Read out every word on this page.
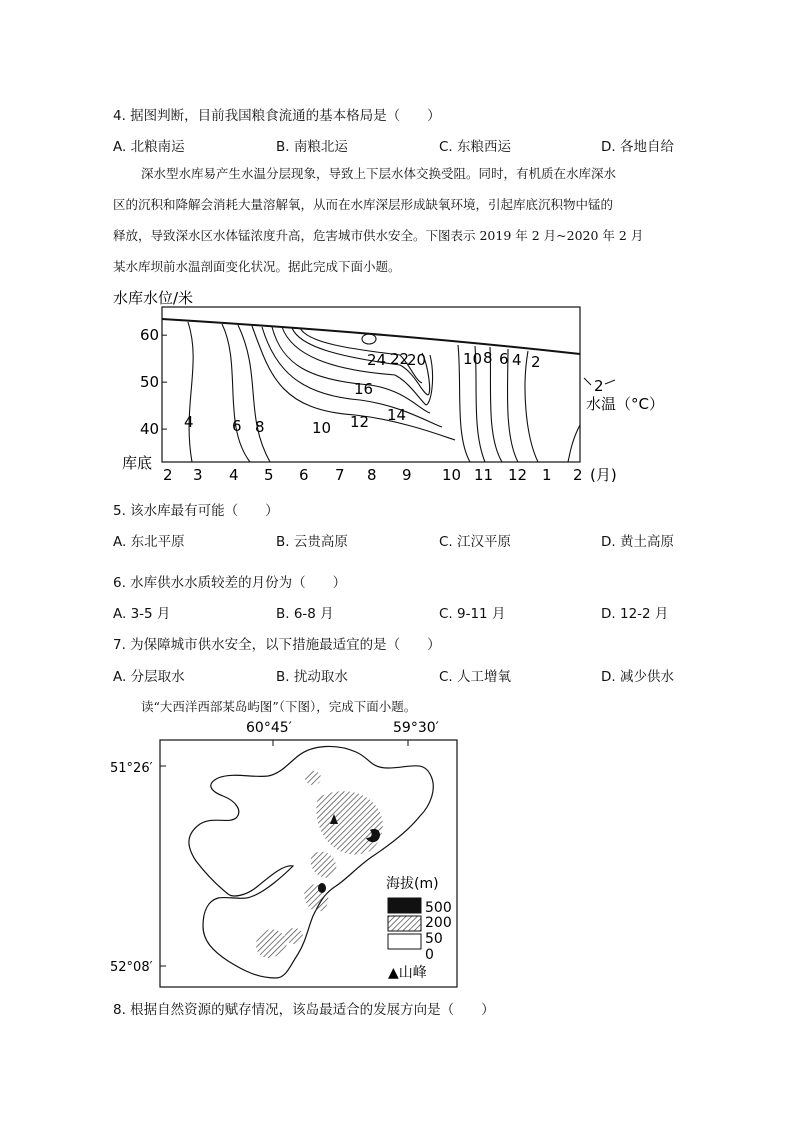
4. 据图判断，目前我国粮食流通的基本格局是（　　）
A. 北粮南运	B. 南粮北运	C. 东粮西运	D. 各地自给
深水型水库易产生水温分层现象，导致上下层水体交换受阻。同时，有机质在水库深水
区的沉积和降解会消耗大量溶解氧，从而在水库深层形成缺氧环境，引起库底沉积物中锰的
释放，导致深水区水体锰浓度升高，危害城市供水安全。下图表示 2019 年 2 月~2020 年 2 月
某水库坝前水温剖面变化状况。据此完成下面小题。
水库水位/米
60
50
40
2 3 4 5 6 7 8 9 10 11 12 1 2
24 22
20
16
14
12
10
10 8 6 4 2
4	6 8
2
水温（°C）
库底
(月)
5. 该水库最有可能（　　）
A. 东北平原	B. 云贵高原	C. 江汉平原	D. 黄土高原
6. 水库供水水质较差的月份为（　　）
A. 3-5 月	B. 6-8 月	C. 9-11 月	D. 12-2 月
7. 为保障城市供水安全，以下措施最适宜的是（　　）
A. 分层取水	B. 扰动取水	C. 人工增氧	D. 减少供水
读“大西洋西部某岛屿图”（下图），完成下面小题。
60°45′	59°30′
51°26′
52°08′
海拔(m)
500
200
50
0
▲山峰
8. 根据自然资源的赋存情况，该岛最适合的发展方向是（　　）
